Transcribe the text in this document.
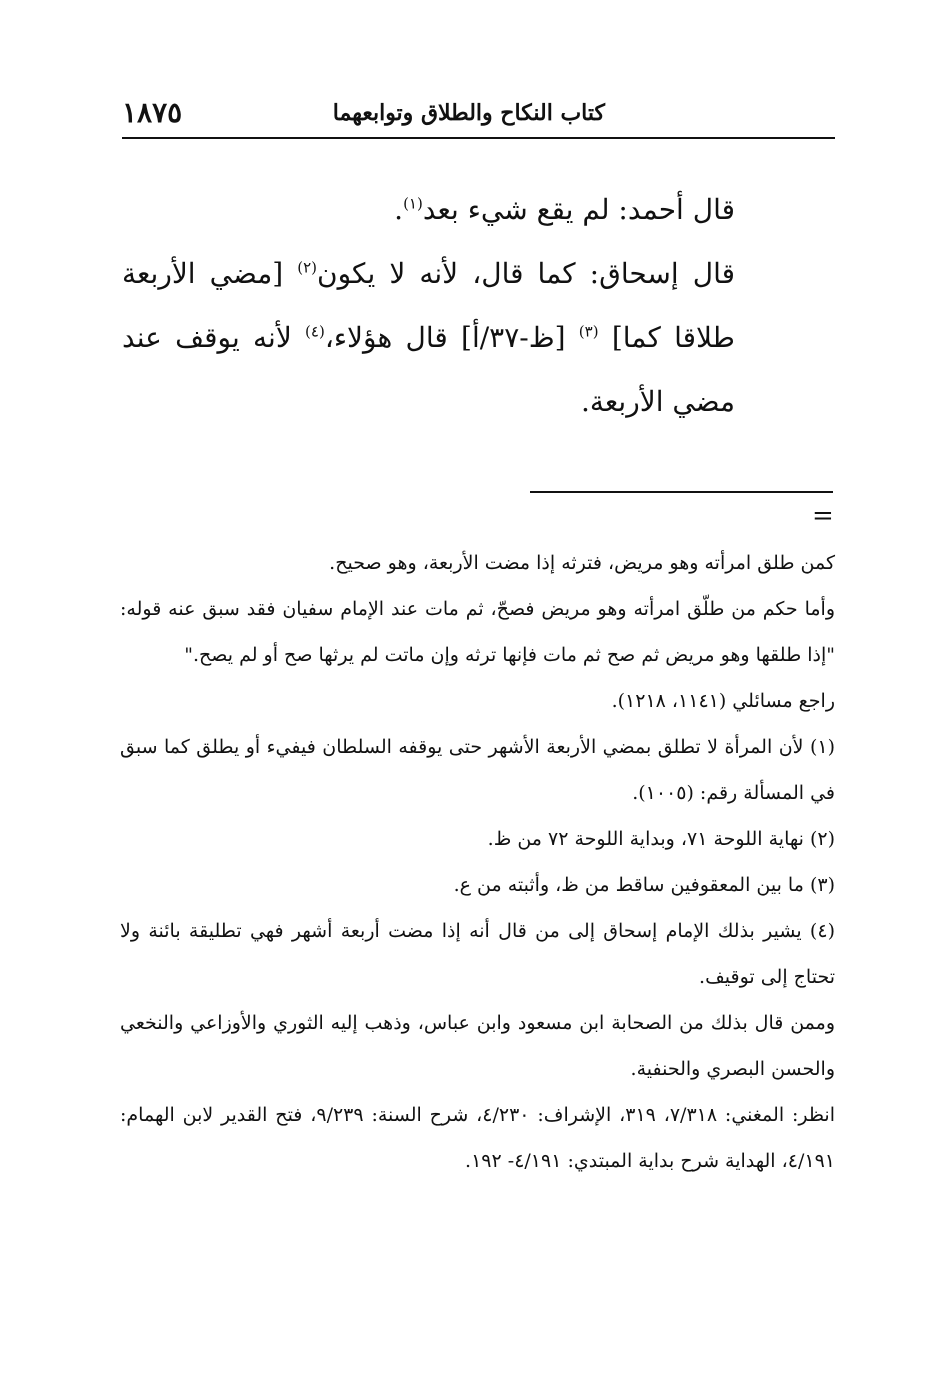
كتاب النكاح والطلاق وتوابعهما
١٨٧٥

قال أحمد: لم يقع شيء بعد$^{(١)}$.

قال إسحاق: كما قال، لأنه لا يكون$^{(٢)}$ [مضي الأربعة طلاقا كما] $^{(٣)}$ [ظ-٣٧/أ] قال هؤلاء،$^{(٤)}$ لأنه يوقف عند مضي الأربعة.

=

كمن طلق امرأته وهو مريض، فترثه إذا مضت الأربعة، وهو صحيح.

وأما حكم من طلّق امرأته وهو مريض فصحّ، ثم مات عند الإمام سفيان فقد سبق عنه قوله: "إذا طلقها وهو مريض ثم صح ثم مات فإنها ترثه وإن ماتت لم يرثها صح أو لم يصح."

راجع مسائلي (١١٤١، ١٢١٨).

(١) لأن المرأة لا تطلق بمضي الأربعة الأشهر حتى يوقفه السلطان فيفيء أو يطلق كما سبق في المسألة رقم: (١٠٠٥).

(٢) نهاية اللوحة ٧١، وبداية اللوحة ٧٢ من ظ.

(٣) ما بين المعقوفين ساقط من ظ، وأثبته من ع.

(٤) يشير بذلك الإمام إسحاق إلى من قال أنه إذا مضت أربعة أشهر فهي تطليقة بائنة ولا تحتاج إلى توقيف.

وممن قال بذلك من الصحابة ابن مسعود وابن عباس، وذهب إليه الثوري والأوزاعي والنخعي والحسن البصري والحنفية.

انظر: المغني: ٧/٣١٨، ٣١٩، الإشراف: ٤/٢٣٠، شرح السنة: ٩/٢٣٩، فتح القدير لابن الهمام: ٤/١٩١، الهداية شرح بداية المبتدي: ٤/١٩١- ١٩٢.
